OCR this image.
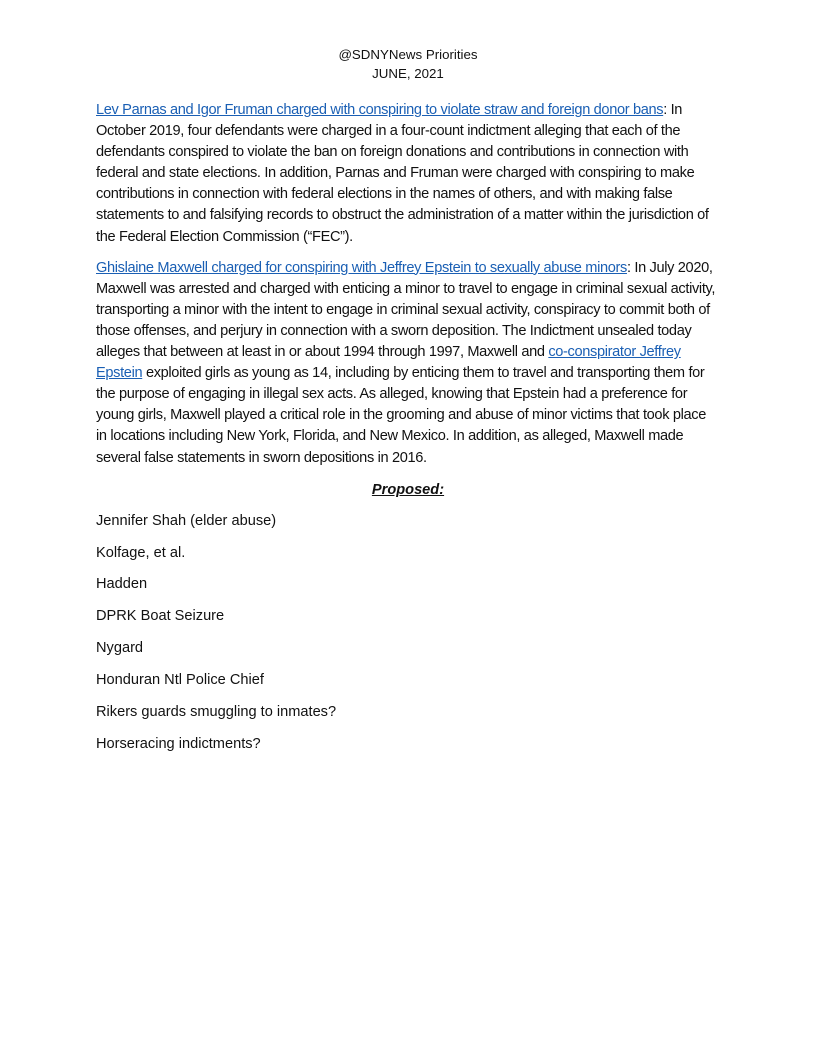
@SDNYNews Priorities
JUNE, 2021

Lev Parnas and Igor Fruman charged with conspiring to violate straw and foreign donor bans: In October 2019, four defendants were charged in a four-count indictment alleging that each of the defendants conspired to violate the ban on foreign donations and contributions in connection with federal and state elections. In addition, Parnas and Fruman were charged with conspiring to make contributions in connection with federal elections in the names of others, and with making false statements to and falsifying records to obstruct the administration of a matter within the jurisdiction of the Federal Election Commission (“FEC”).

Ghislaine Maxwell charged for conspiring with Jeffrey Epstein to sexually abuse minors: In July 2020, Maxwell was arrested and charged with enticing a minor to travel to engage in criminal sexual activity, transporting a minor with the intent to engage in criminal sexual activity, conspiracy to commit both of those offenses, and perjury in connection with a sworn deposition. The Indictment unsealed today alleges that between at least in or about 1994 through 1997, Maxwell and co-conspirator Jeffrey Epstein exploited girls as young as 14, including by enticing them to travel and transporting them for the purpose of engaging in illegal sex acts. As alleged, knowing that Epstein had a preference for young girls, Maxwell played a critical role in the grooming and abuse of minor victims that took place in locations including New York, Florida, and New Mexico. In addition, as alleged, Maxwell made several false statements in sworn depositions in 2016.

Proposed:
Jennifer Shah (elder abuse)
Kolfage, et al.
Hadden
DPRK Boat Seizure
Nygard
Honduran Ntl Police Chief
Rikers guards smuggling to inmates?
Horseracing indictments?
